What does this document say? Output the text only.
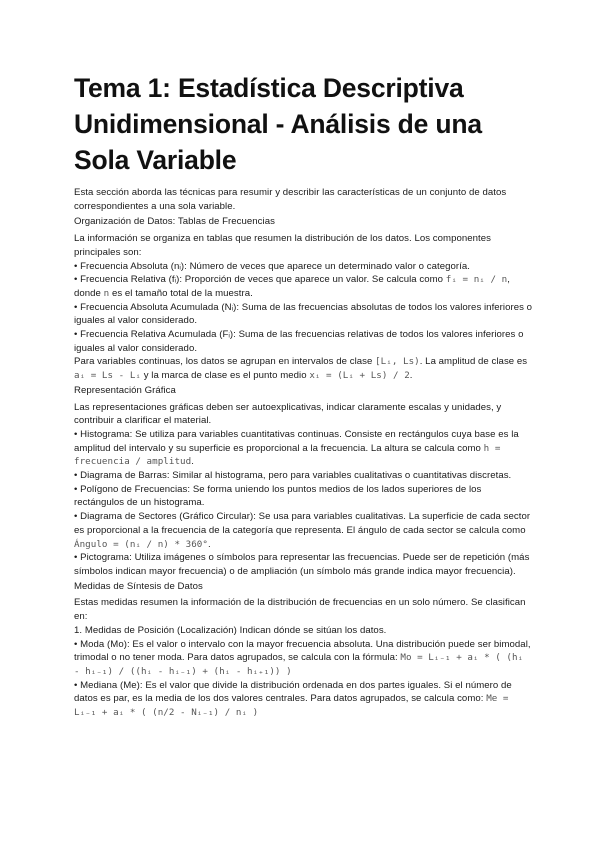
Tema 1: Estadística Descriptiva Unidimensional - Análisis de una Sola Variable

Esta sección aborda las técnicas para resumir y describir las características de un conjunto de datos correspondientes a una sola variable.

Organización de Datos: Tablas de Frecuencias

La información se organiza en tablas que resumen la distribución de los datos. Los componentes principales son:

• Frecuencia Absoluta (nᵢ): Número de veces que aparece un determinado valor o categoría.

• Frecuencia Relativa (fᵢ): Proporción de veces que aparece un valor. Se calcula como fᵢ = nᵢ / n, donde n es el tamaño total de la muestra.

• Frecuencia Absoluta Acumulada (Nᵢ): Suma de las frecuencias absolutas de todos los valores inferiores o iguales al valor considerado.

• Frecuencia Relativa Acumulada (Fᵢ): Suma de las frecuencias relativas de todos los valores inferiores o iguales al valor considerado.

Para variables continuas, los datos se agrupan en intervalos de clase [Lᵢ, Ls). La amplitud de clase es aᵢ = Ls - Lᵢ y la marca de clase es el punto medio xᵢ = (Lᵢ + Ls) / 2.

Representación Gráfica

Las representaciones gráficas deben ser autoexplicativas, indicar claramente escalas y unidades, y contribuir a clarificar el material.

• Histograma: Se utiliza para variables cuantitativas continuas. Consiste en rectángulos cuya base es la amplitud del intervalo y su superficie es proporcional a la frecuencia. La altura se calcula como h = frecuencia / amplitud.

• Diagrama de Barras: Similar al histograma, pero para variables cualitativas o cuantitativas discretas.

• Polígono de Frecuencias: Se forma uniendo los puntos medios de los lados superiores de los rectángulos de un histograma.

• Diagrama de Sectores (Gráfico Circular): Se usa para variables cualitativas. La superficie de cada sector es proporcional a la frecuencia de la categoría que representa. El ángulo de cada sector se calcula como Ángulo = (nᵢ / n) * 360°.

• Pictograma: Utiliza imágenes o símbolos para representar las frecuencias. Puede ser de repetición (más símbolos indican mayor frecuencia) o de ampliación (un símbolo más grande indica mayor frecuencia).

Medidas de Síntesis de Datos

Estas medidas resumen la información de la distribución de frecuencias en un solo número. Se clasifican en:

1. Medidas de Posición (Localización) Indican dónde se sitúan los datos.

• Moda (Mo): Es el valor o intervalo con la mayor frecuencia absoluta. Una distribución puede ser bimodal, trimodal o no tener moda. Para datos agrupados, se calcula con la fórmula: Mo = Lᵢ₋₁ + aᵢ * ( (hᵢ - hᵢ₋₁) / ((hᵢ - hᵢ₋₁) + (hᵢ - hᵢ₊₁)) )

• Mediana (Me): Es el valor que divide la distribución ordenada en dos partes iguales. Si el número de datos es par, es la media de los dos valores centrales. Para datos agrupados, se calcula como: Me = Lᵢ₋₁ + aᵢ * ( (n/2 - Nᵢ₋₁) / nᵢ )
